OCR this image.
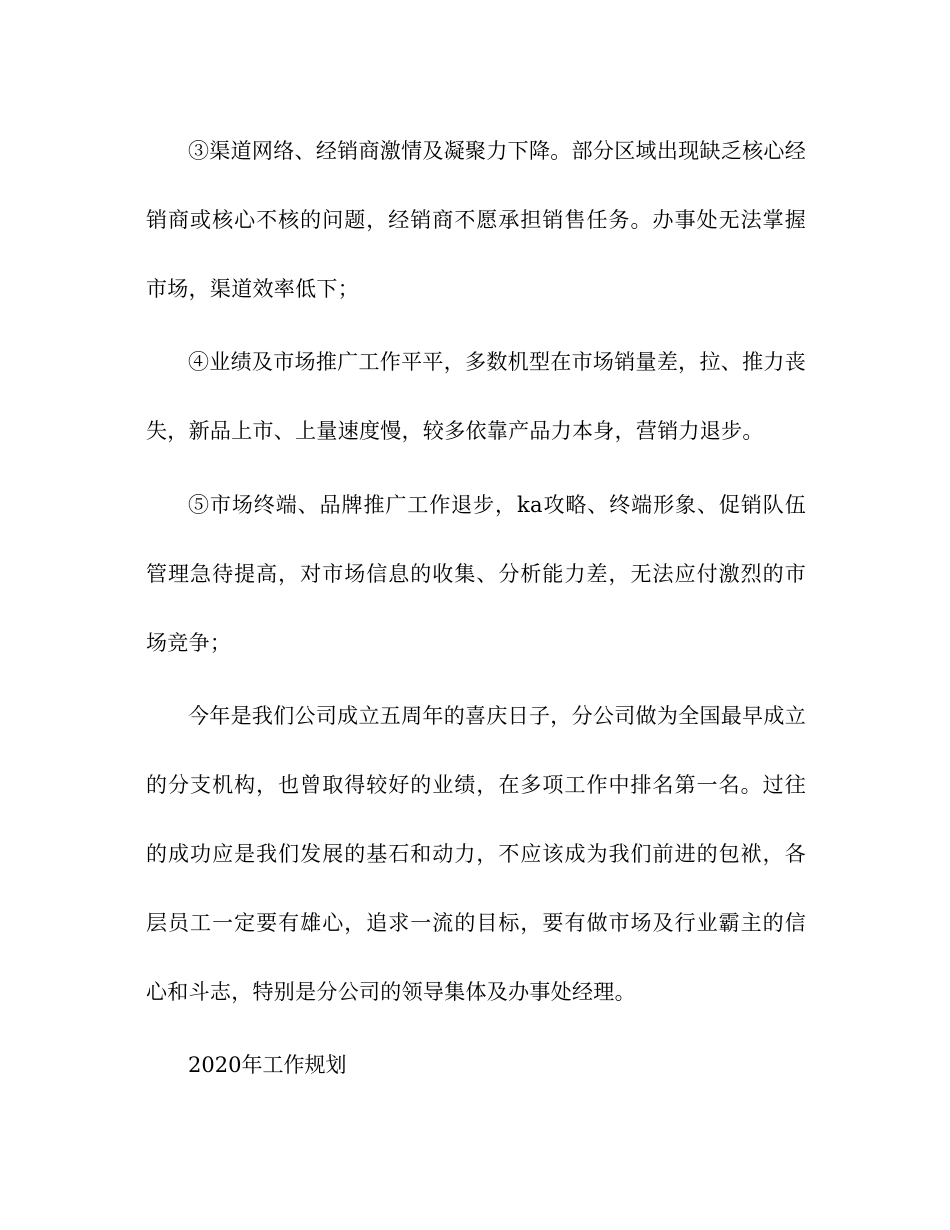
③渠道网络、经销商激情及凝聚力下降。部分区域出现缺乏核心经销商或核心不核的问题，经销商不愿承担销售任务。办事处无法掌握市场，渠道效率低下；

④业绩及市场推广工作平平，多数机型在市场销量差，拉、推力丧失，新品上市、上量速度慢，较多依靠产品力本身，营销力退步。

⑤市场终端、品牌推广工作退步，ka攻略、终端形象、促销队伍管理急待提高，对市场信息的收集、分析能力差，无法应付激烈的市场竞争；

今年是我们公司成立五周年的喜庆日子，分公司做为全国最早成立的分支机构，也曾取得较好的业绩，在多项工作中排名第一名。过往的成功应是我们发展的基石和动力，不应该成为我们前进的包袱，各层员工一定要有雄心，追求一流的目标，要有做市场及行业霸主的信心和斗志，特别是分公司的领导集体及办事处经理。

2020年工作规划
